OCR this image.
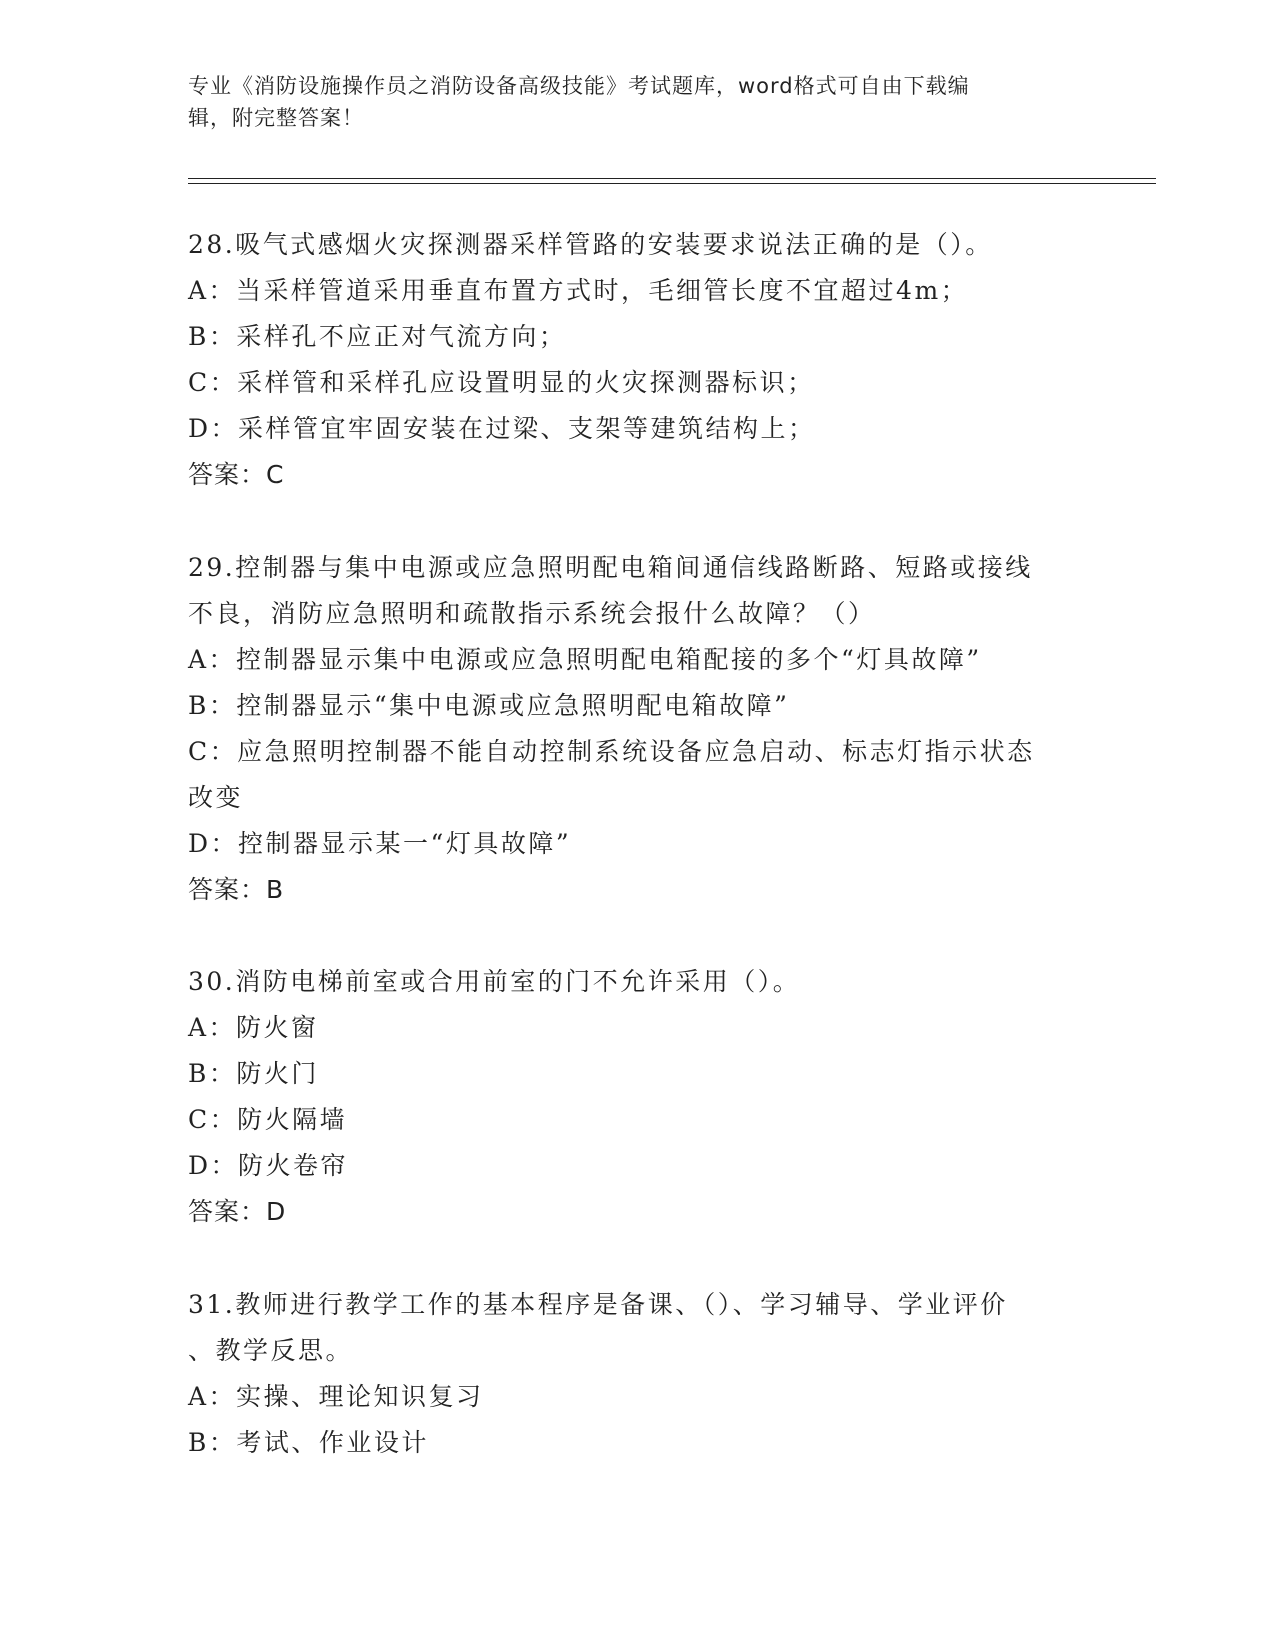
专业《消防设施操作员之消防设备高级技能》考试题库，word格式可自由下载编
辑，附完整答案！
28.吸气式感烟火灾探测器采样管路的安装要求说法正确的是（）。
A：当采样管道采用垂直布置方式时，毛细管长度不宜超过4m；
B：采样孔不应正对气流方向；
C：采样管和采样孔应设置明显的火灾探测器标识；
D：采样管宜牢固安装在过梁、支架等建筑结构上；
答案：C
29.控制器与集中电源或应急照明配电箱间通信线路断路、短路或接线
不良，消防应急照明和疏散指示系统会报什么故障？（）
A：控制器显示集中电源或应急照明配电箱配接的多个“灯具故障”
B：控制器显示“集中电源或应急照明配电箱故障”
C：应急照明控制器不能自动控制系统设备应急启动、标志灯指示状态
改变
D：控制器显示某一“灯具故障”
答案：B
30.消防电梯前室或合用前室的门不允许采用（）。
A：防火窗
B：防火门
C：防火隔墙
D：防火卷帘
答案：D
31.教师进行教学工作的基本程序是备课、（）、学习辅导、学业评价
、教学反思。
A：实操、理论知识复习
B：考试、作业设计
